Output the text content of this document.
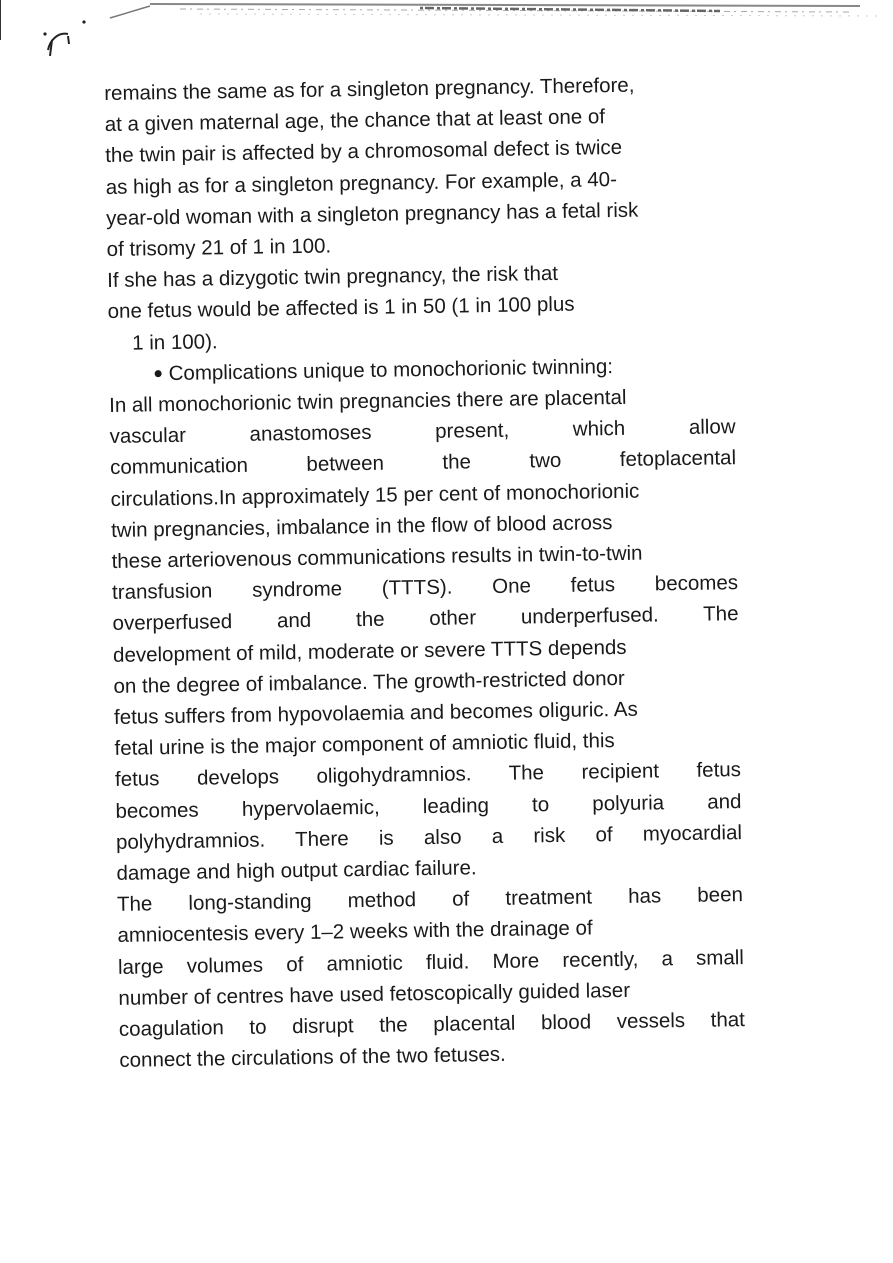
remains the same as for a singleton pregnancy. Therefore,
at a given maternal age, the chance that at least one of
the twin pair is affected by a chromosomal defect is twice
as high as for a singleton pregnancy. For example, a 40-
year-old woman with a singleton pregnancy has a fetal risk
of trisomy 21 of 1 in 100.
If she has a dizygotic twin pregnancy, the risk that
one fetus would be affected is 1 in 50 (1 in 100 plus
1 in 100).
Complications unique to monochorionic twinning:
In all monochorionic twin pregnancies there are placental
vascular anastomoses present, which allow
communication between the two fetoplacental
circulations.In approximately 15 per cent of monochorionic
twin pregnancies, imbalance in the flow of blood across
these arteriovenous communications results in twin-to-twin
transfusion syndrome (TTTS). One fetus becomes
overperfused and the other underperfused. The
development of mild, moderate or severe TTTS depends
on the degree of imbalance. The growth-restricted donor
fetus suffers from hypovolaemia and becomes oliguric. As
fetal urine is the major component of amniotic fluid, this
fetus develops oligohydramnios. The recipient fetus
becomes hypervolaemic, leading to polyuria and
polyhydramnios. There is also a risk of myocardial
damage and high output cardiac failure.
The long-standing method of treatment has been
amniocentesis every 1–2 weeks with the drainage of
large volumes of amniotic fluid. More recently, a small
number of centres have used fetoscopically guided laser
coagulation to disrupt the placental blood vessels that
connect the circulations of the two fetuses.
